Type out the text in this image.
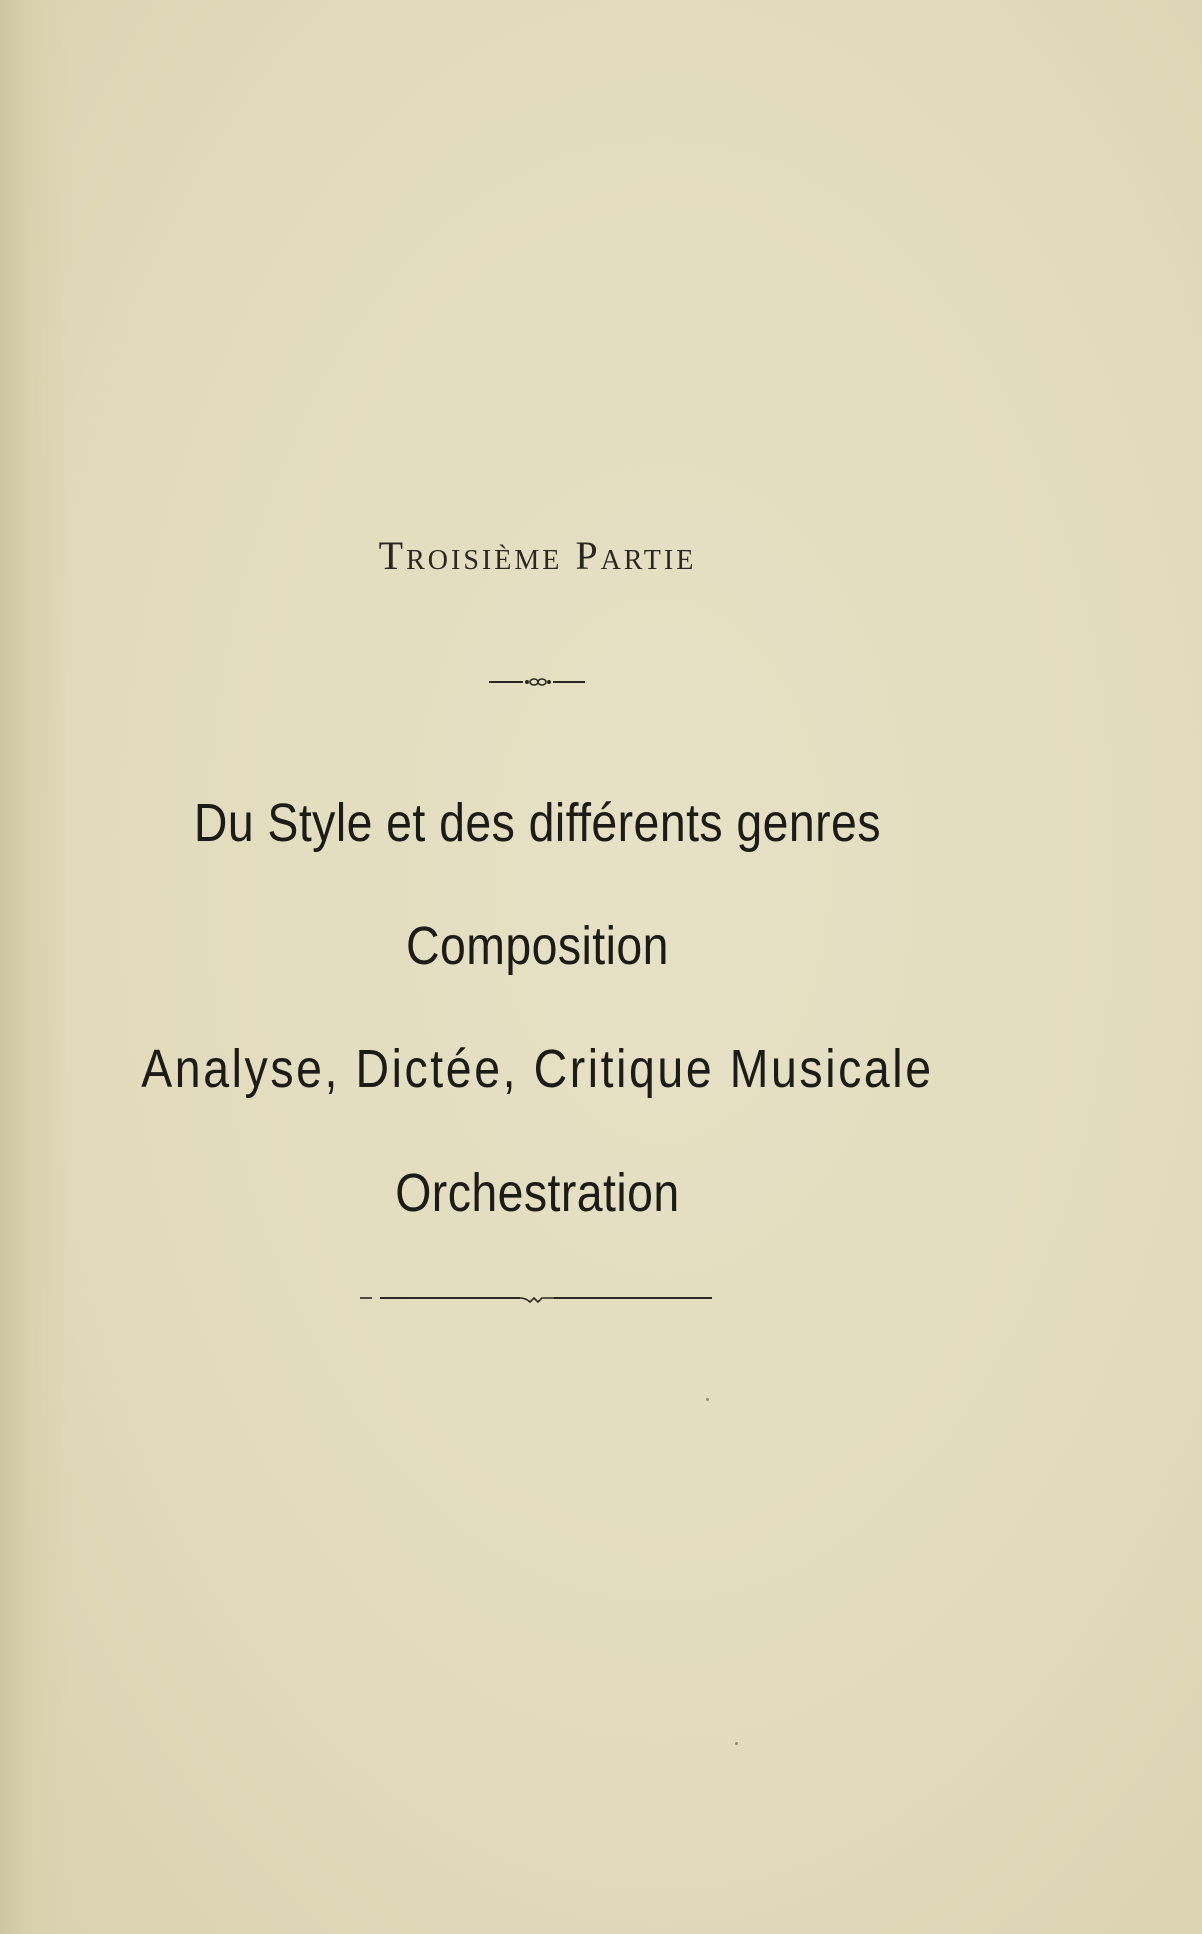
Troisième Partie
Du Style et des différents genres
Composition
Analyse, Dictée, Critique Musicale
Orchestration
